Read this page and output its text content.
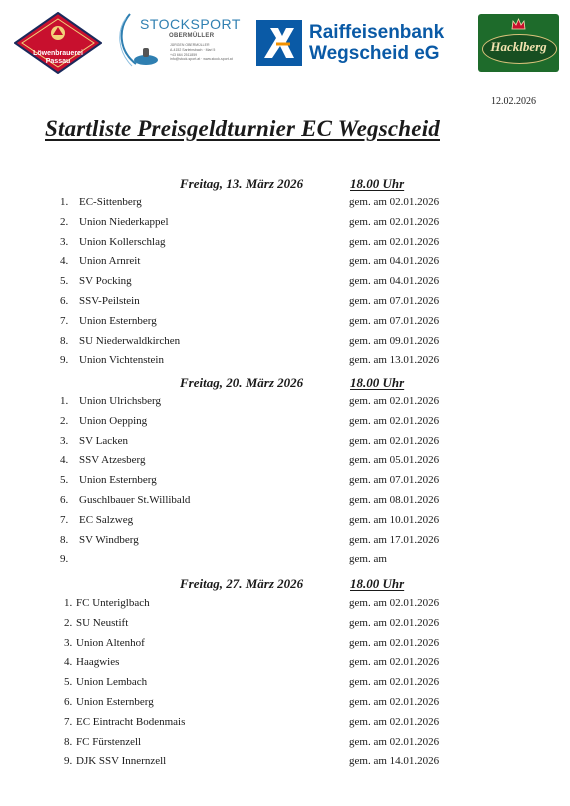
Löwenbrauerei
Passau
STOCKSPORT
OBERMÜLLER
JÜRGEN OBERMÜLLER
A-4152 Sarleinsbach · Marl 5
+43 664 2511859
info@stock-sport.at · www.stock-sport.at
Raiffeisenbank
Wegscheid eG	Hacklberg
12.02.2026
Startliste Preisgeldturnier EC Wegscheid
Freitag, 13. März 2026	18.00 Uhr
1. EC-Sittenberg	gem. am 02.01.2026
2. Union Niederkappel	gem. am 02.01.2026
3. Union Kollerschlag	gem. am 02.01.2026
4. Union Arnreit	gem. am 04.01.2026
5. SV Pocking	gem. am 04.01.2026
6. SSV-Peilstein	gem. am 07.01.2026
7. Union Esternberg	gem. am 07.01.2026
8. SU Niederwaldkirchen	gem. am 09.01.2026
9. Union Vichtenstein	gem. am 13.01.2026
Freitag, 20. März 2026	18.00 Uhr
1. Union Ulrichsberg	gem. am 02.01.2026
2. Union Oepping	gem. am 02.01.2026
3. SV Lacken	gem. am 02.01.2026
4. SSV Atzesberg	gem. am 05.01.2026
5. Union Esternberg	gem. am 07.01.2026
6. Guschlbauer St.Willibald	gem. am 08.01.2026
7. EC Salzweg	gem. am 10.01.2026
8. SV Windberg	gem. am 17.01.2026
9.	gem. am
Freitag, 27. März 2026	18.00 Uhr
1. FC Unteriglbach	gem. am 02.01.2026
2. SU Neustift	gem. am 02.01.2026
3. Union Altenhof	gem. am 02.01.2026
4. Haagwies	gem. am 02.01.2026
5. Union Lembach	gem. am 02.01.2026
6. Union Esternberg	gem. am 02.01.2026
7. EC Eintracht Bodenmais	gem. am 02.01.2026
8. FC Fürstenzell	gem. am 02.01.2026
9. DJK SSV Innernzell	gem. am 14.01.2026
